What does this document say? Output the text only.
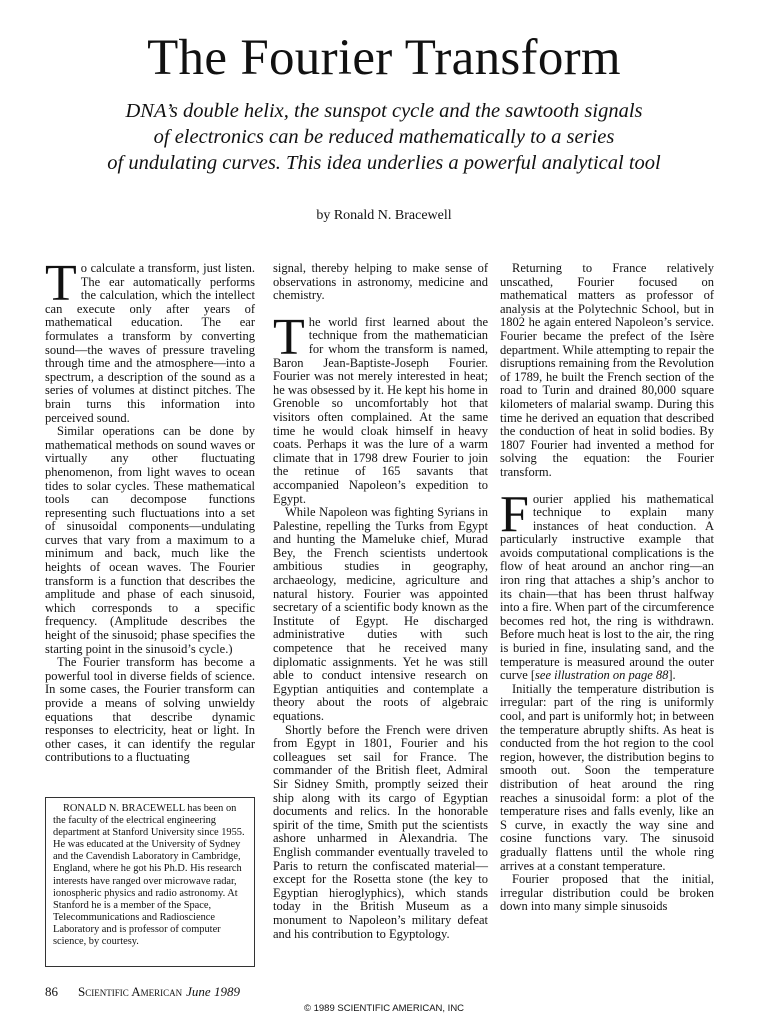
The Fourier Transform
DNA’s double helix, the sunspot cycle and the sawtooth signals
of electronics can be reduced mathematically to a series
of undulating curves. This idea underlies a powerful analytical tool
by Ronald N. Bracewell

To calculate a transform, just listen. The ear automatically performs the calculation, which the intellect can execute only after years of mathematical education. The ear formulates a transform by converting sound—the waves of pressure traveling through time and the atmosphere—into a spectrum, a description of the sound as a series of volumes at distinct pitches. The brain turns this information into perceived sound.

Similar operations can be done by mathematical methods on sound waves or virtually any other fluctuating phenomenon, from light waves to ocean tides to solar cycles. These mathematical tools can decompose functions representing such fluctuations into a set of sinusoidal components—undulating curves that vary from a maximum to a minimum and back, much like the heights of ocean waves. The Fourier transform is a function that describes the amplitude and phase of each sinusoid, which corresponds to a specific frequency. (Amplitude describes the height of the sinusoid; phase specifies the starting point in the sinusoid’s cycle.)

The Fourier transform has become a powerful tool in diverse fields of science. In some cases, the Fourier transform can provide a means of solving unwieldy equations that describe dynamic responses to electricity, heat or light. In other cases, it can identify the regular contributions to a fluctuating

RONALD N. BRACEWELL has been on the faculty of the electrical engineering department at Stanford University since 1955. He was educated at the University of Sydney and the Cavendish Laboratory in Cambridge, England, where he got his Ph.D. His research interests have ranged over microwave radar, ionospheric physics and radio astronomy. At Stanford he is a member of the Space, Telecommunications and Radioscience Laboratory and is professor of computer science, by courtesy.

signal, thereby helping to make sense of observations in astronomy, medicine and chemistry.

The world first learned about the technique from the mathematician for whom the transform is named, Baron Jean-Baptiste-Joseph Fourier. Fourier was not merely interested in heat; he was obsessed by it. He kept his home in Grenoble so uncomfortably hot that visitors often complained. At the same time he would cloak himself in heavy coats. Perhaps it was the lure of a warm climate that in 1798 drew Fourier to join the retinue of 165 savants that accompanied Napoleon’s expedition to Egypt.

While Napoleon was fighting Syrians in Palestine, repelling the Turks from Egypt and hunting the Mameluke chief, Murad Bey, the French scientists undertook ambitious studies in geography, archaeology, medicine, agriculture and natural history. Fourier was appointed secretary of a scientific body known as the Institute of Egypt. He discharged administrative duties with such competence that he received many diplomatic assignments. Yet he was still able to conduct intensive research on Egyptian antiquities and contemplate a theory about the roots of algebraic equations.

Shortly before the French were driven from Egypt in 1801, Fourier and his colleagues set sail for France. The commander of the British fleet, Admiral Sir Sidney Smith, promptly seized their ship along with its cargo of Egyptian documents and relics. In the honorable spirit of the time, Smith put the scientists ashore unharmed in Alexandria. The English commander eventually traveled to Paris to return the confiscated material—except for the Rosetta stone (the key to Egyptian hieroglyphics), which stands today in the British Museum as a monument to Napoleon’s military defeat and his contribution to Egyptology.

Returning to France relatively unscathed, Fourier focused on mathematical matters as professor of analysis at the Polytechnic School, but in 1802 he again entered Napoleon’s service. Fourier became the prefect of the Isère department. While attempting to repair the disruptions remaining from the Revolution of 1789, he built the French section of the road to Turin and drained 80,000 square kilometers of malarial swamp. During this time he derived an equation that described the conduction of heat in solid bodies. By 1807 Fourier had invented a method for solving the equation: the Fourier transform.

Fourier applied his mathematical technique to explain many instances of heat conduction. A particularly instructive example that avoids computational complications is the flow of heat around an anchor ring—an iron ring that attaches a ship’s anchor to its chain—that has been thrust halfway into a fire. When part of the circumference becomes red hot, the ring is withdrawn. Before much heat is lost to the air, the ring is buried in fine, insulating sand, and the temperature is measured around the outer curve [see illustration on page 88].

Initially the temperature distribution is irregular: part of the ring is uniformly cool, and part is uniformly hot; in between the temperature abruptly shifts. As heat is conducted from the hot region to the cool region, however, the distribution begins to smooth out. Soon the temperature distribution of heat around the ring reaches a sinusoidal form: a plot of the temperature rises and falls evenly, like an S curve, in exactly the way sine and cosine functions vary. The sinusoid gradually flattens until the whole ring arrives at a constant temperature.

Fourier proposed that the initial, irregular distribution could be broken down into many simple sinusoids

86 Scientific American June 1989
© 1989 SCIENTIFIC AMERICAN, INC
